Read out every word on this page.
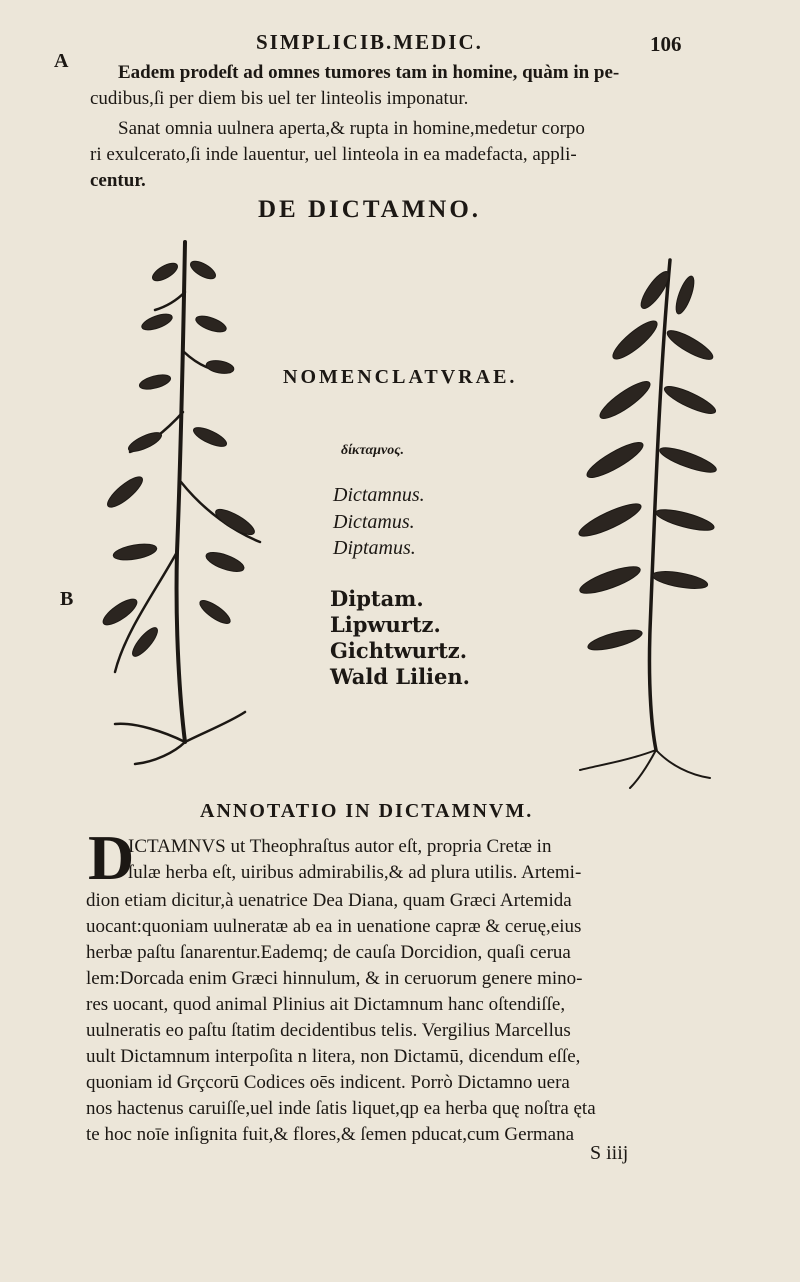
SIMPLICIB.MEDIC.	106
A
B
Eadem prodeſt ad omnes tumores tam in homine, quàm in pe-
cudibus,ſi per diem bis uel ter linteolis imponatur.
Sanat omnia uulnera aperta,& rupta in homine,medetur corpo
ri exulcerato,ſi inde lauentur, uel linteola in ea madefacta, appli-
centur.
DE DICTAMNO.
NOMENCLATVRAE.
δίκταμνος.
Dictamnus.
Dictamus.
Diptamus.
Diptam.
Lipwurtz.
Gichtwurtz.
Wald Lilien.
ANNOTATIO IN DICTAMNVM.
D
ICTAMNVS ut Theophraſtus autor eſt, propria Cretæ in
ſulæ herba eſt, uiribus admirabilis,& ad plura utilis. Artemi-
dion etiam dicitur,à uenatrice Dea Diana, quam Græci Artemida
uocant:quoniam uulneratæ ab ea in uenatione capræ & ceruę,eius
herbæ paſtu ſanarentur.Eademq; de cauſa Dorcidion, quaſi cerua
lem:Dorcada enim Græci hinnulum, & in ceruorum genere mino-
res uocant, quod animal Plinius ait Dictamnum hanc oſtendiſſe,
uulneratis eo paſtu ſtatim decidentibus telis. Vergilius Marcellus
uult Dictamnum interpoſita n litera, non Dictamū, dicendum eſſe,
quoniam id Grçcorū Codices oēs indicent. Porrò Dictamno uera
nos hactenus caruiſſe,uel inde ſatis liquet,qp ea herba quę noſtra ęta
te hoc noīe inſignita fuit,& flores,& ſemen pducat,cum Germana
S iiij
